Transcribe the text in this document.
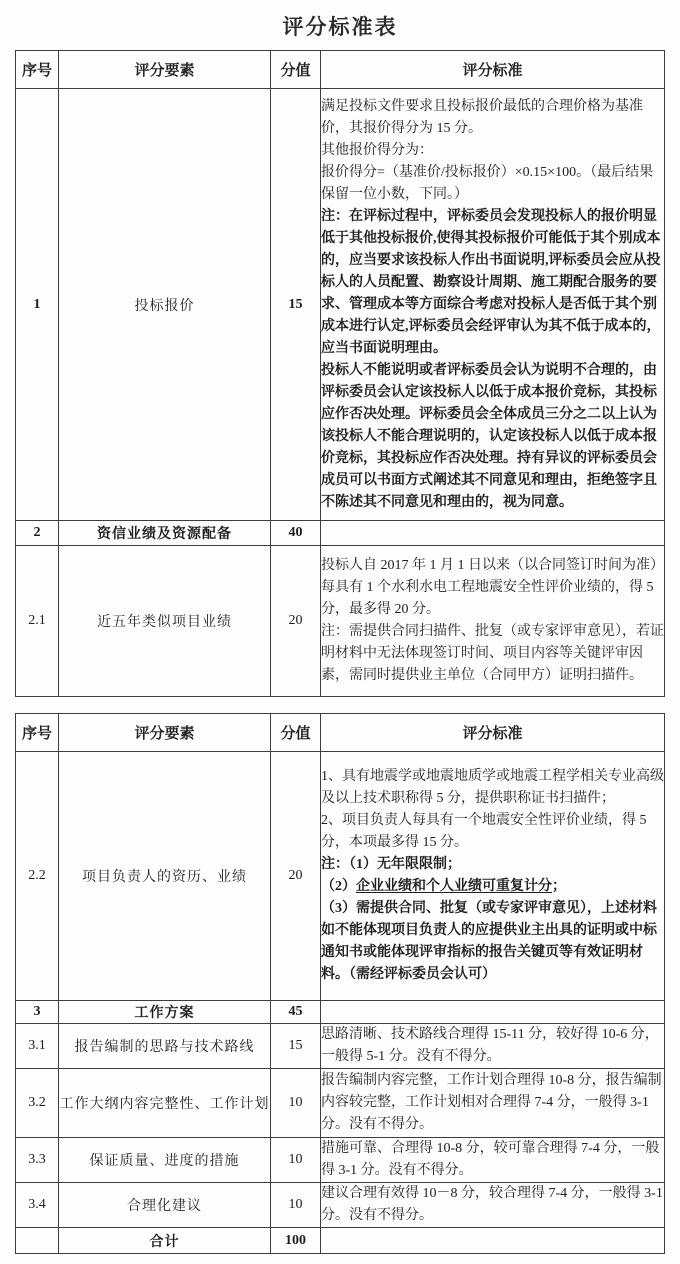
评分标准表
序号	评分要素	分值	评分标准
1	投标报价	15	满足投标文件要求且投标报价最低的合理价格为基准价，其报价得分为 15 分。

其他报价得分为：

报价得分=（基准价/投标报价）×0.15×100。（最后结果保留一位小数，下同。）

注：在评标过程中，评标委员会发现投标人的报价明显低于其他投标报价,使得其投标报价可能低于其个别成本的，应当要求该投标人作出书面说明,评标委员会应从投标人的人员配置、勘察设计周期、施工期配合服务的要求、管理成本等方面综合考虑对投标人是否低于其个别成本进行认定,评标委员会经评审认为其不低于成本的，应当书面说明理由。

投标人不能说明或者评标委员会认为说明不合理的，由评标委员会认定该投标人以低于成本报价竞标，其投标应作否决处理。评标委员会全体成员三分之二以上认为该投标人不能合理说明的，认定该投标人以低于成本报价竞标，其投标应作否决处理。持有异议的评标委员会成员可以书面方式阐述其不同意见和理由，拒绝签字且不陈述其不同意见和理由的，视为同意。

2	资信业绩及资源配备	40	
2.1	近五年类似项目业绩	20	投标人自 2017 年 1 月 1 日以来（以合同签订时间为准）每具有 1 个水利水电工程地震安全性评价业绩的，得 5 分，最多得 20 分。

注：需提供合同扫描件、批复（或专家评审意见），若证明材料中无法体现签订时间、项目内容等关键评审因素，需同时提供业主单位（合同甲方）证明扫描件。

序号	评分要素	分值	评分标准
2.2	项目负责人的资历、业绩	20	1、具有地震学或地震地质学或地震工程学相关专业高级及以上技术职称得 5 分，提供职称证书扫描件；

2、项目负责人每具有一个地震安全性评价业绩，得 5 分，本项最多得 15 分。

注：（1）无年限限制；

（2）企业业绩和个人业绩可重复计分；

（3）需提供合同、批复（或专家评审意见），上述材料如不能体现项目负责人的应提供业主出具的证明或中标通知书或能体现评审指标的报告关键页等有效证明材料。（需经评标委员会认可）

3	工作方案	45	
3.1	报告编制的思路与技术路线	15	思路清晰、技术路线合理得 15-11 分，较好得 10-6 分，一般得 5-1 分。没有不得分。

3.2	工作大纲内容完整性、工作计划	10	报告编制内容完整，工作计划合理得 10-8 分，报告编制内容较完整，工作计划相对合理得 7-4 分，一般得 3-1 分。没有不得分。

3.3	保证质量、进度的措施	10	措施可靠、合理得 10-8 分，较可靠合理得 7-4 分，一般得 3-1 分。没有不得分。

3.4	合理化建议	10	建议合理有效得 10－8 分，较合理得 7-4 分，一般得 3-1 分。没有不得分。

	合计	100	
